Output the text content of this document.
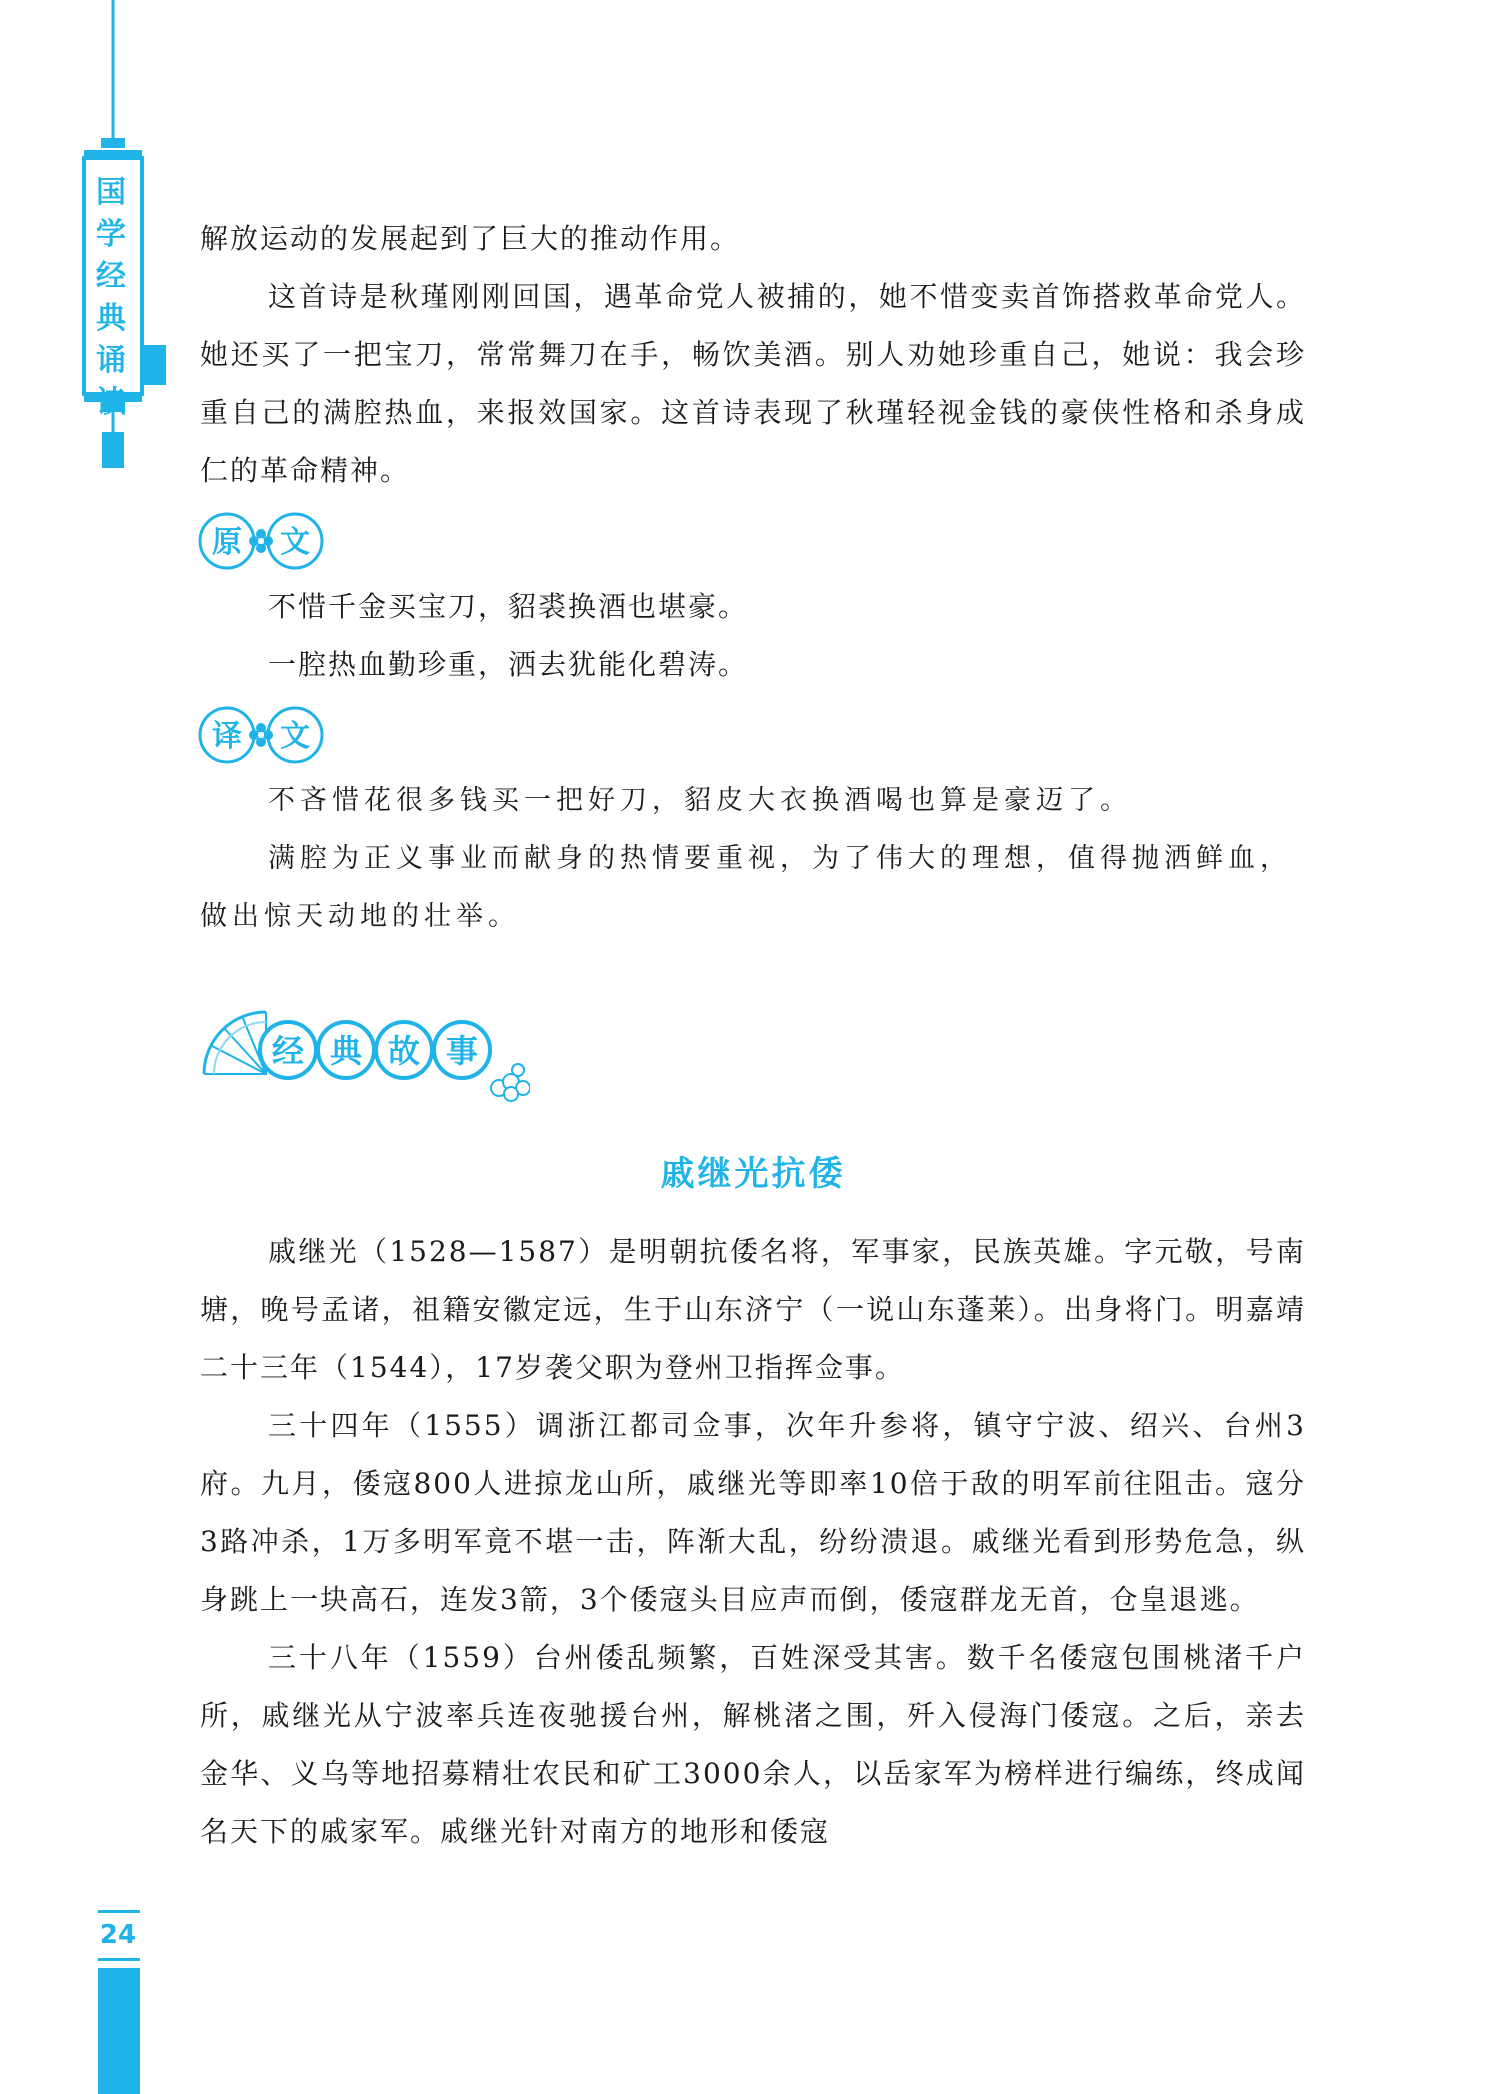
国学经典诵读
24

解放运动的发展起到了巨大的推动作用。

这首诗是秋瑾刚刚回国，遇革命党人被捕的，她不惜变卖首饰搭救革命党人。她还买了一把宝刀，常常舞刀在手，畅饮美酒。别人劝她珍重自己，她说：我会珍重自己的满腔热血，来报效国家。这首诗表现了秋瑾轻视金钱的豪侠性格和杀身成仁的革命精神。

原 文

不惜千金买宝刀，貂裘换酒也堪豪。

一腔热血勤珍重，洒去犹能化碧涛。

译 文

不吝惜花很多钱买一把好刀，貂皮大衣换酒喝也算是豪迈了。

满腔为正义事业而献身的热情要重视，为了伟大的理想，值得抛洒鲜血，做出惊天动地的壮举。

经 典 故 事
戚继光抗倭

戚继光（1528—1587）是明朝抗倭名将，军事家，民族英雄。字元敬，号南塘，晚号孟诸，祖籍安徽定远，生于山东济宁（一说山东蓬莱）。出身将门。明嘉靖二十三年（1544），17岁袭父职为登州卫指挥佥事。

三十四年（1555）调浙江都司佥事，次年升参将，镇守宁波、绍兴、台州3府。九月，倭寇800人进掠龙山所，戚继光等即率10倍于敌的明军前往阻击。寇分3路冲杀，1万多明军竟不堪一击，阵渐大乱，纷纷溃退。戚继光看到形势危急，纵身跳上一块高石，连发3箭，3个倭寇头目应声而倒，倭寇群龙无首，仓皇退逃。

三十八年（1559）台州倭乱频繁，百姓深受其害。数千名倭寇包围桃渚千户所，戚继光从宁波率兵连夜驰援台州，解桃渚之围，歼入侵海门倭寇。之后，亲去金华、义乌等地招募精壮农民和矿工3000余人，以岳家军为榜样进行编练，终成闻名天下的戚家军。戚继光针对南方的地形和倭寇
